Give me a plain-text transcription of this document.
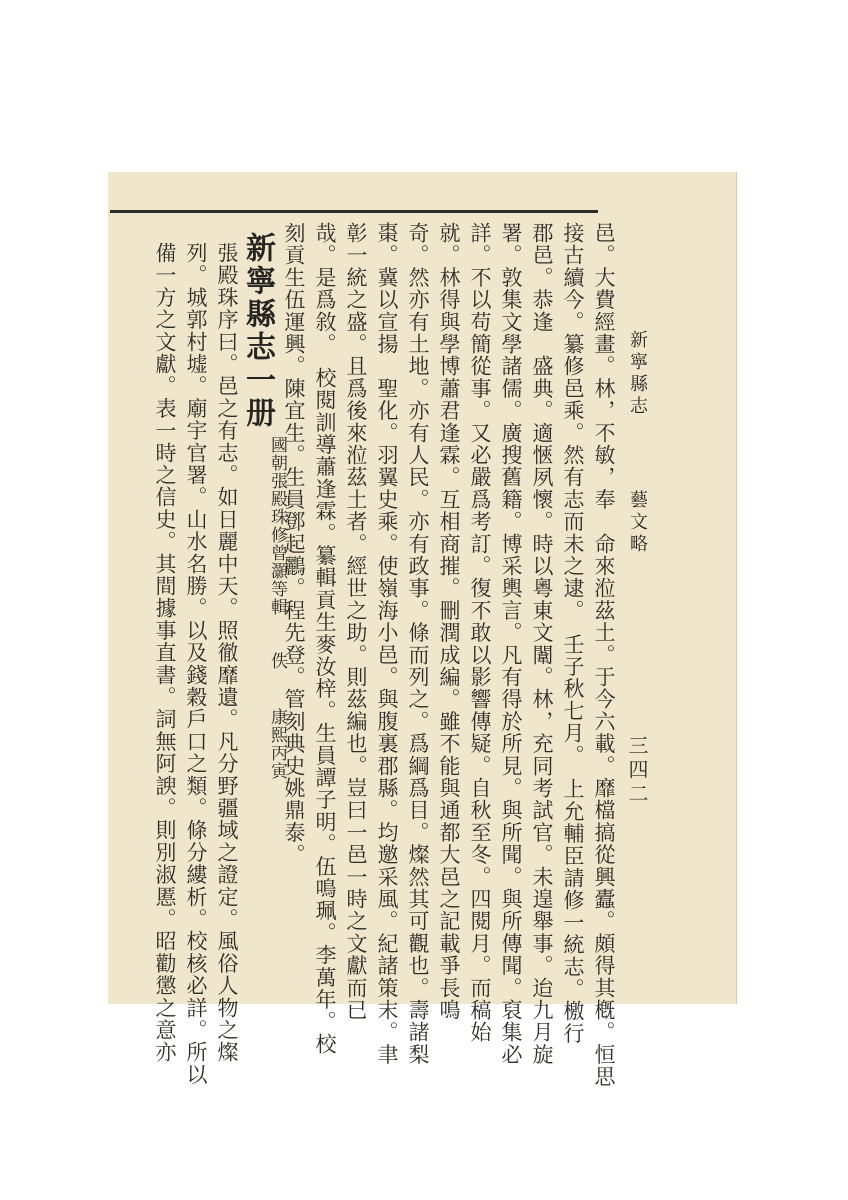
新寧縣志
藝文略
三四二
邑。大費經畫。林，不敏，奉　命來涖茲土。于今六載。靡檔搞從興蠹。頗得其槪。恒思
接古續今。纂修邑乘。然有志而未之逮。　壬子秋七月。　上允輔臣請修一統志。檄行
郡邑。恭逢　盛典。適愜夙懷。時以粵東文闈。林，充同考試官。未遑舉事。迨九月旋
署。敦集文學諸儒。廣搜舊籍。博采輿言。凡有得於所見。與所聞。與所傳聞。裒集必
詳。不以苟簡從事。又必嚴爲考訂。復不敢以影響傳疑。自秋至冬。四閱月。而稿始
就。林得與學博蕭君逢霖。互相商摧。刪潤成編。雖不能與通都大邑之記載爭長鳴
奇。然亦有土地。亦有人民。亦有政事。條而列之。爲綱爲目。燦然其可觀也。壽諸梨
棗。冀以宣揚　聖化。羽翼史乘。使嶺海小邑。與腹裏郡縣。均邀采風。紀諸策末。聿
彰一統之盛。且爲後來涖茲土者。經世之助。則茲編也。豈曰一邑一時之文獻而已
哉。是爲敘。　校閱訓導蕭逢霖。纂輯貢生麥汝梓。生員譚子明。伍鳴珮。李萬年。校
刻貢生伍運興。陳宜生。生員鄧起鸝。程先登。管刻典史姚鼎泰。
新寧縣志一册
國朝張殿珠修曾灝等輯
佚
康熙丙寅
張殿珠序曰。邑之有志。如日麗中天。照徹靡遺。凡分野疆域之證定。風俗人物之燦
列。城郭村墟。廟宇官署。山水名勝。以及錢穀戶口之類。條分縷析。校核必詳。所以
備一方之文獻。表一時之信史。其間據事直書。詞無阿諛。則別淑慝。昭勸懲之意亦
